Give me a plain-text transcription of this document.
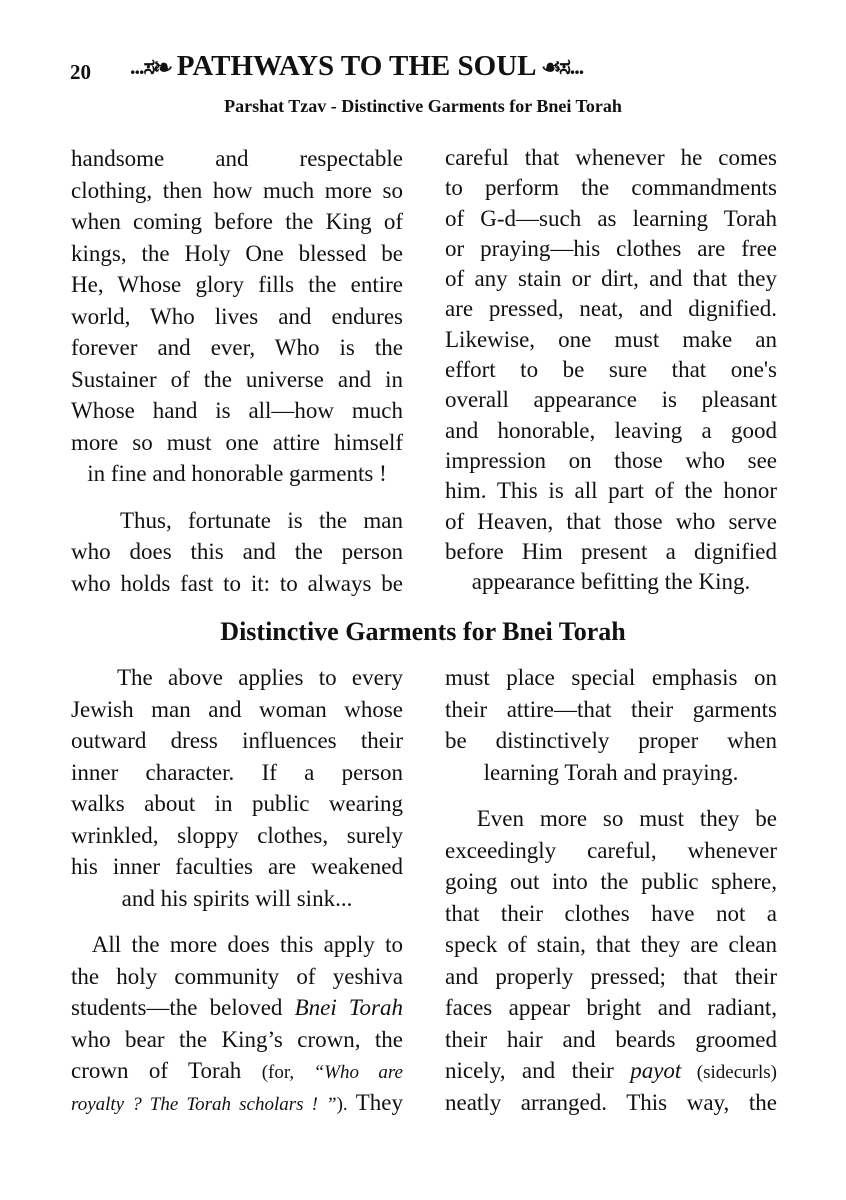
20 ...ಸ❧ PATHWAYS TO THE SOUL ☙ಸ...
Parshat Tzav - Distinctive Garments for Bnei Torah
handsome and respectable
clothing, then how much more so
when coming before the King of
kings, the Holy One blessed be
He, Whose glory fills the entire
world, Who lives and endures
forever and ever, Who is the
Sustainer of the universe and in
Whose hand is all—how much
more so must one attire himself
in fine and honorable garments !
Thus, fortunate is the man
who does this and the person
who holds fast to it: to always be
careful that whenever he comes
to perform the commandments
of G-d—such as learning Torah
or praying—his clothes are free
of any stain or dirt, and that they
are pressed, neat, and dignified.
Likewise, one must make an
effort to be sure that one's
overall appearance is pleasant
and honorable, leaving a good
impression on those who see
him. This is all part of the honor
of Heaven, that those who serve
before Him present a dignified
appearance befitting the King.
Distinctive Garments for Bnei Torah
The above applies to every
Jewish man and woman whose
outward dress influences their
inner character. If a person
walks about in public wearing
wrinkled, sloppy clothes, surely
his inner faculties are weakened
and his spirits will sink...
All the more does this apply to
the holy community of yeshiva
students—the beloved Bnei Torah
who bear the King’s crown, the
crown of Torah (for, “Who are
royalty ? The Torah scholars ! ”). They
must place special emphasis on
their attire—that their garments
be distinctively proper when
learning Torah and praying.
Even more so must they be
exceedingly careful, whenever
going out into the public sphere,
that their clothes have not a
speck of stain, that they are clean
and properly pressed; that their
faces appear bright and radiant,
their hair and beards groomed
nicely, and their payot (sidecurls)
neatly arranged. This way, the
